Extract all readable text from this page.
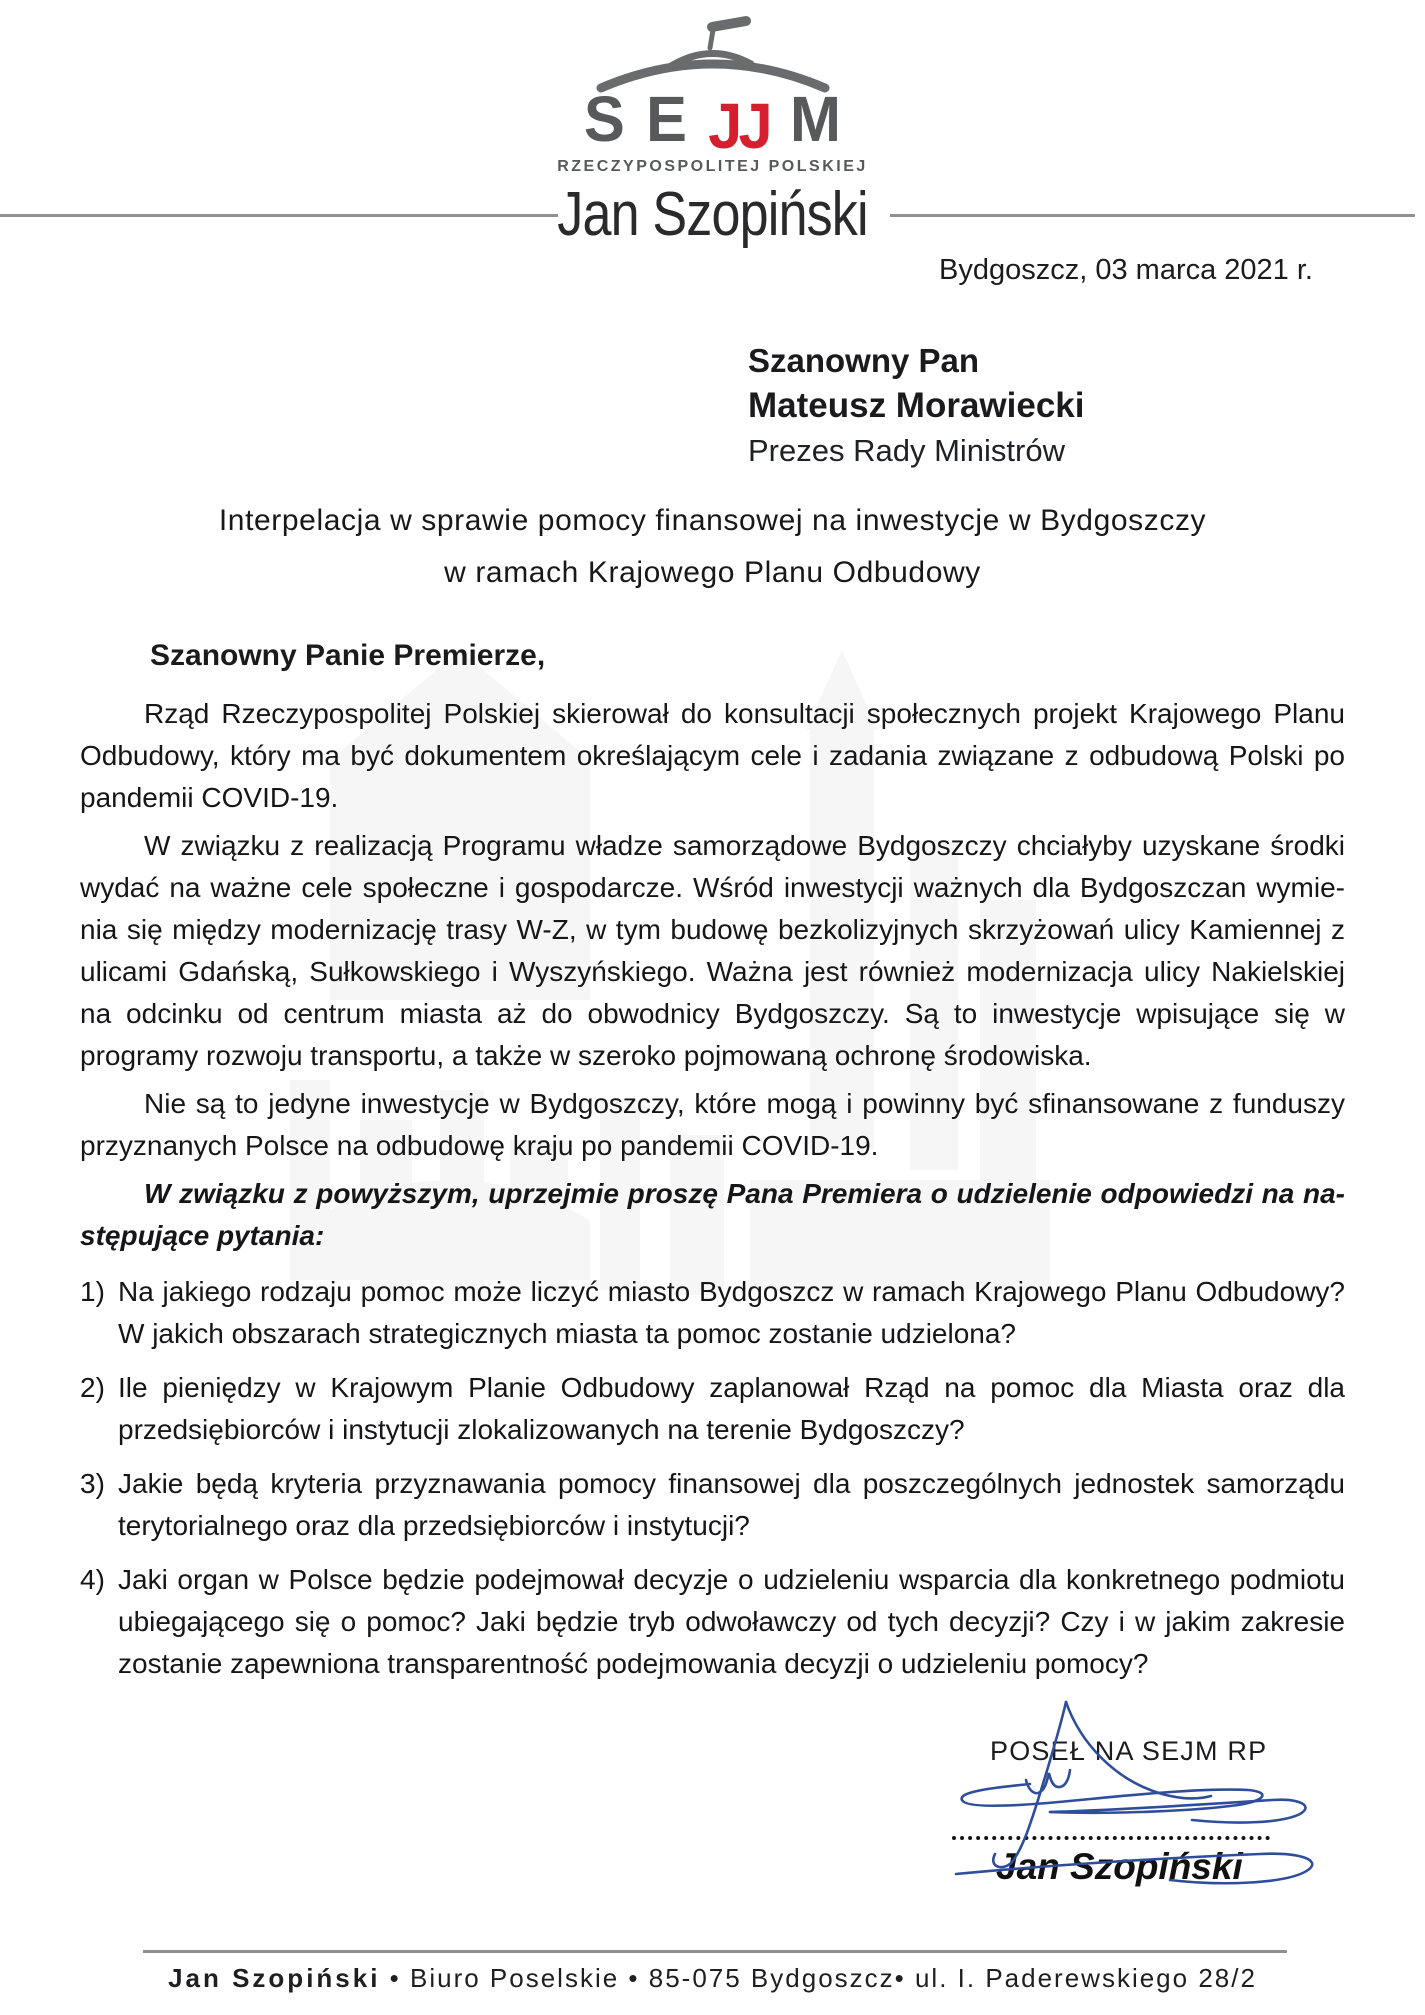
S E JJ M
RZECZYPOSPOLITEJ POLSKIEJ
Jan Szopiński
Bydgoszcz, 03 marca 2021 r.
Szanowny Pan
Mateusz Morawiecki
Prezes Rady Ministrów
Interpelacja w sprawie pomocy finansowej na inwestycje w Bydgoszczy
w ramach Krajowego Planu Odbudowy
Szanowny Panie Premierze,

Rząd Rzeczypospolitej Polskiej skierował do konsultacji społecznych projekt Krajowego Planu Odbudowy, który ma być dokumentem określającym cele i zadania związane z odbudową Polski po pandemii COVID-19.

W związku z realizacją Programu władze samorządowe Bydgoszczy chciałyby uzyskane środki wydać na ważne cele społeczne i gospodarcze. Wśród inwestycji ważnych dla Bydgoszczan wymienia się między modernizację trasy W-Z, w tym budowę bezkolizyjnych skrzyżowań ulicy Kamiennej z ulicami Gdańską, Sułkowskiego i Wyszyńskiego. Ważna jest również modernizacja ulicy Nakielskiej na odcinku od centrum miasta aż do obwodnicy Bydgoszczy. Są to inwestycje wpisujące się w programy rozwoju transportu, a także w szeroko pojmowaną ochronę środowiska.

Nie są to jedyne inwestycje w Bydgoszczy, które mogą i powinny być sfinansowane z funduszy przyznanych Polsce na odbudowę kraju po pandemii COVID-19.

W związku z powyższym, uprzejmie proszę Pana Premiera o udzielenie odpowiedzi na następujące pytania:

1) Na jakiego rodzaju pomoc może liczyć miasto Bydgoszcz w ramach Krajowego Planu Odbudowy? W jakich obszarach strategicznych miasta ta pomoc zostanie udzielona?
2) Ile pieniędzy w Krajowym Planie Odbudowy zaplanował Rząd na pomoc dla Miasta oraz dla przedsiębiorców i instytucji zlokalizowanych na terenie Bydgoszczy?
3) Jakie będą kryteria przyznawania pomocy finansowej dla poszczególnych jednostek samorządu terytorialnego oraz dla przedsiębiorców i instytucji?
4) Jaki organ w Polsce będzie podejmował decyzje o udzieleniu wsparcia dla konkretnego podmiotu ubiegającego się o pomoc? Jaki będzie tryb odwoławczy od tych decyzji? Czy i w jakim zakresie zostanie zapewniona transparentność podejmowania decyzji o udzieleniu pomocy?
POSEŁ NA SEJM RP
Jan Szopiński
Jan Szopiński • Biuro Poselskie • 85-075 Bydgoszcz• ul. I. Paderewskiego 28/2
